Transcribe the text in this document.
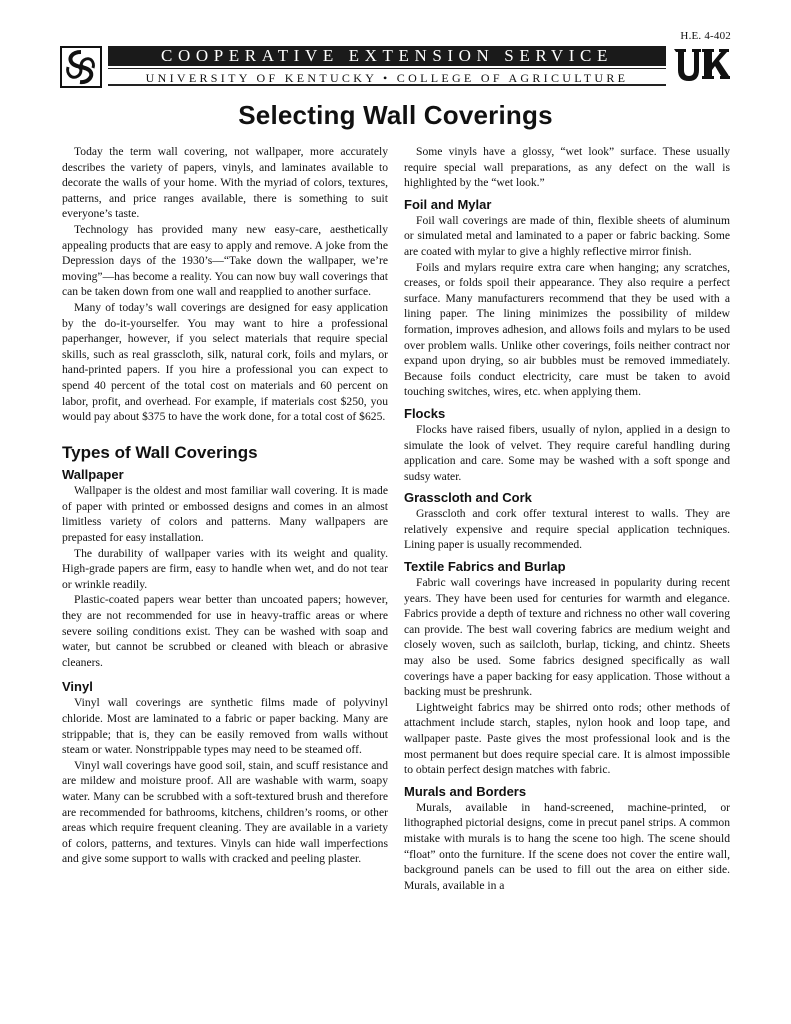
H.E. 4-402
COOPERATIVE EXTENSION SERVICE
UNIVERSITY OF KENTUCKY • COLLEGE OF AGRICULTURE
Selecting Wall Coverings

Today the term wall covering, not wallpaper, more accurately describes the variety of papers, vinyls, and laminates available to decorate the walls of your home. With the myriad of colors, textures, patterns, and price ranges available, there is something to suit everyone’s taste.

Technology has provided many new easy-care, aesthetically appealing products that are easy to apply and remove. A joke from the Depression days of the 1930’s—“Take down the wallpaper, we’re moving”—has become a reality. You can now buy wall coverings that can be taken down from one wall and reapplied to another surface.

Many of today’s wall coverings are designed for easy application by the do-it-yourselfer. You may want to hire a professional paperhanger, however, if you select materials that require special skills, such as real grasscloth, silk, natural cork, foils and mylars, or hand-printed papers. If you hire a professional you can expect to spend 40 percent of the total cost on materials and 60 percent on labor, profit, and overhead. For example, if materials cost $250, you would pay about $375 to have the work done, for a total cost of $625.

Types of Wall Coverings
Wallpaper

Wallpaper is the oldest and most familiar wall covering. It is made of paper with printed or embossed designs and comes in an almost limitless variety of colors and patterns. Many wallpapers are prepasted for easy installation.

The durability of wallpaper varies with its weight and quality. High-grade papers are firm, easy to handle when wet, and do not tear or wrinkle readily.

Plastic-coated papers wear better than uncoated papers; however, they are not recommended for use in heavy-traffic areas or where severe soiling conditions exist. They can be washed with soap and water, but cannot be scrubbed or cleaned with bleach or abrasive cleaners.

Vinyl

Vinyl wall coverings are synthetic films made of polyvinyl chloride. Most are laminated to a fabric or paper backing. Many are strippable; that is, they can be easily removed from walls without steam or water. Nonstrippable types may need to be steamed off.

Vinyl wall coverings have good soil, stain, and scuff resistance and are mildew and moisture proof. All are washable with warm, soapy water. Many can be scrubbed with a soft-textured brush and therefore are recommended for bathrooms, kitchens, children’s rooms, or other areas which require frequent cleaning. They are available in a variety of colors, patterns, and textures. Vinyls can hide wall imperfections and give some support to walls with cracked and peeling plaster.

Some vinyls have a glossy, “wet look” surface. These usually require special wall preparations, as any defect on the wall is highlighted by the “wet look.”

Foil and Mylar

Foil wall coverings are made of thin, flexible sheets of aluminum or simulated metal and laminated to a paper or fabric backing. Some are coated with mylar to give a highly reflective mirror finish.

Foils and mylars require extra care when hanging; any scratches, creases, or folds spoil their appearance. They also require a perfect surface. Many manufacturers recommend that they be used with a lining paper. The lining minimizes the possibility of mildew formation, improves adhesion, and allows foils and mylars to be used over problem walls. Unlike other coverings, foils neither contract nor expand upon drying, so air bubbles must be removed immediately. Because foils conduct electricity, care must be taken to avoid touching switches, wires, etc. when applying them.

Flocks

Flocks have raised fibers, usually of nylon, applied in a design to simulate the look of velvet. They require careful handling during application and care. Some may be washed with a soft sponge and sudsy water.

Grasscloth and Cork

Grasscloth and cork offer textural interest to walls. They are relatively expensive and require special application techniques. Lining paper is usually recommended.

Textile Fabrics and Burlap

Fabric wall coverings have increased in popularity during recent years. They have been used for centuries for warmth and elegance. Fabrics provide a depth of texture and richness no other wall covering can provide. The best wall covering fabrics are medium weight and closely woven, such as sailcloth, burlap, ticking, and chintz. Sheets may also be used. Some fabrics designed specifically as wall coverings have a paper backing for easy application. Those without a backing must be preshrunk.

Lightweight fabrics may be shirred onto rods; other methods of attachment include starch, staples, nylon hook and loop tape, and wallpaper paste. Paste gives the most professional look and is the most permanent but does require special care. It is almost impossible to obtain perfect design matches with fabric.

Murals and Borders

Murals, available in hand-screened, machine-printed, or lithographed pictorial designs, come in precut panel strips. A common mistake with murals is to hang the scene too high. The scene should “float” onto the furniture. If the scene does not cover the entire wall, background panels can be used to fill out the area on either side. Murals, available in a
